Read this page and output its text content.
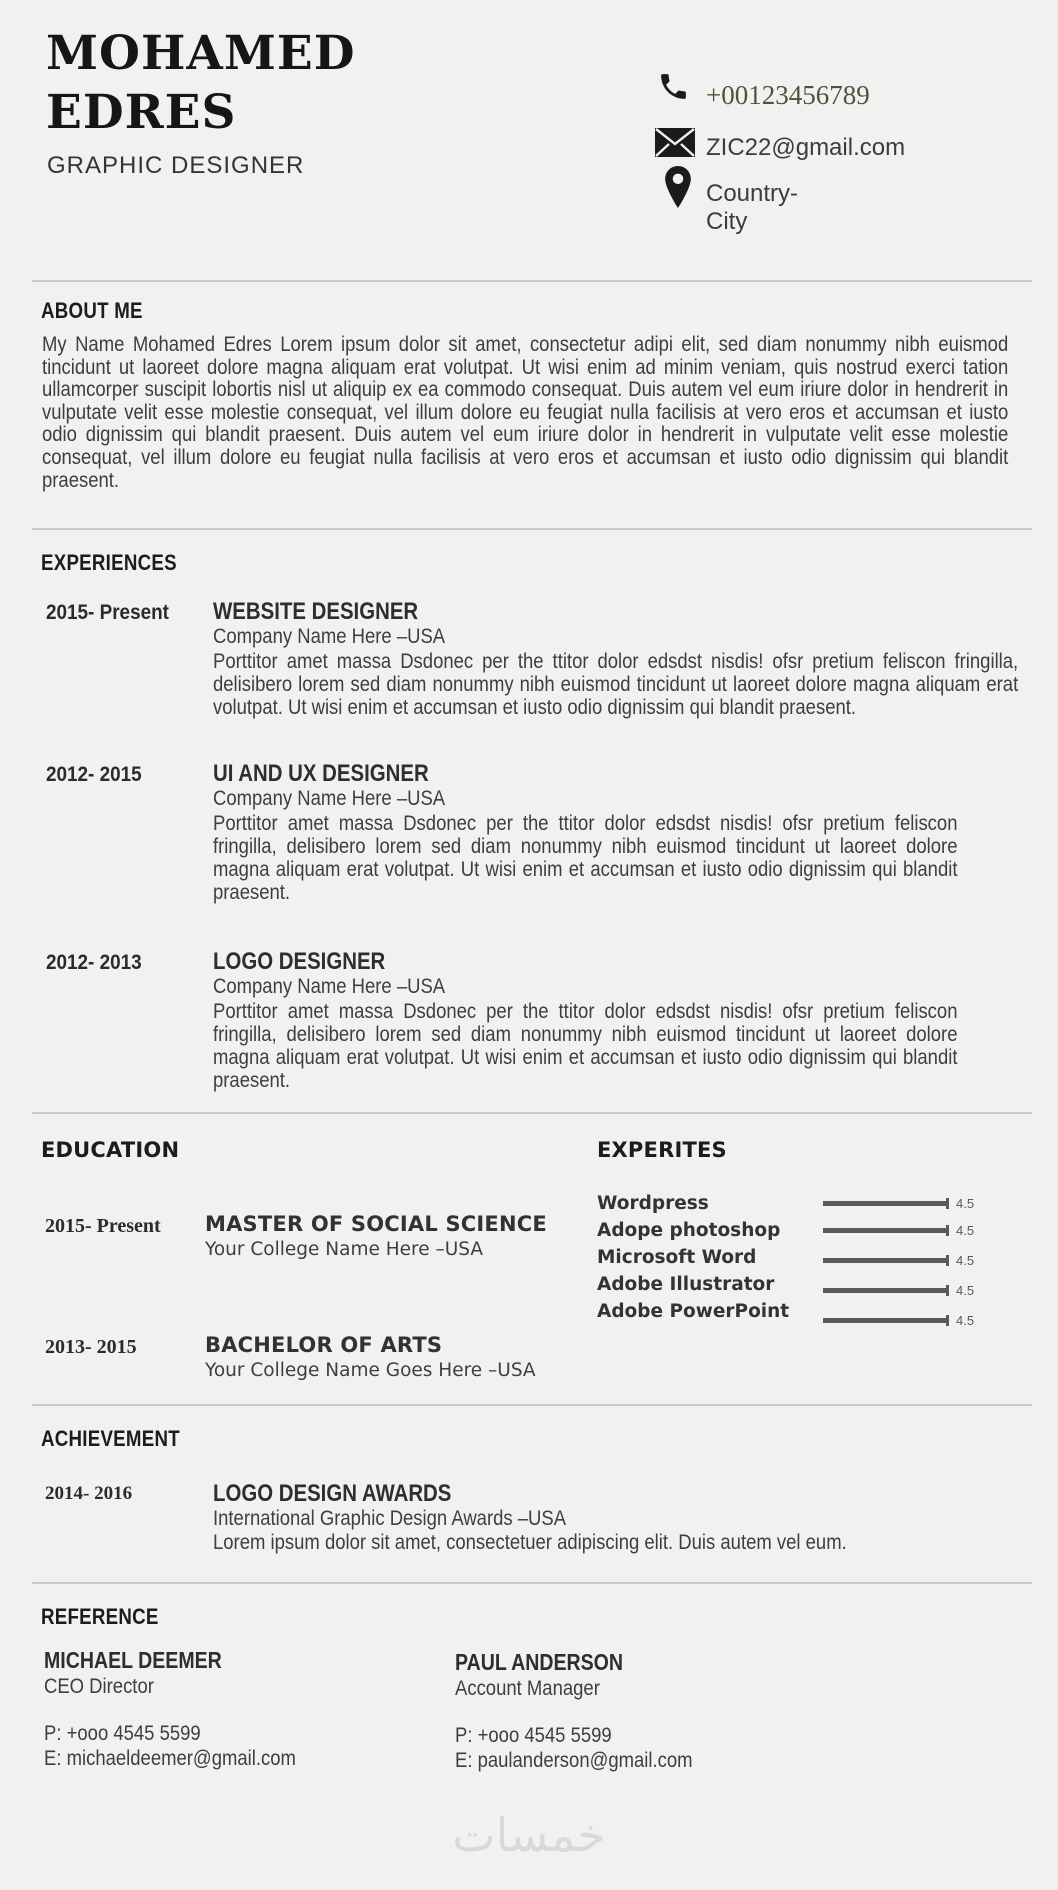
MOHAMED
EDRES
GRAPHIC DESIGNER
+00123456789
ZIC22@gmail.com
Country- City
ABOUT ME
My Name Mohamed Edres Lorem ipsum dolor sit amet, consectetur adipi elit, sed diam nonummy nibh euismod tincidunt ut laoreet dolore magna aliquam erat volutpat. Ut wisi enim ad minim veniam, quis nostrud exerci tation ullamcorper suscipit lobortis nisl ut aliquip ex ea commodo consequat. Duis autem vel eum iriure dolor in hendrerit in vulputate velit esse molestie consequat, vel illum dolore eu feugiat nulla facilisis at vero eros et accumsan et iusto odio dignissim qui blandit praesent. Duis autem vel eum iriure dolor in hendrerit in vulputate velit esse molestie consequat, vel illum dolore eu feugiat nulla facilisis at vero eros et accumsan et iusto odio dignissim qui blandit praesent.
EXPERIENCES
2015- Present	WEBSITE DESIGNER
Company Name Here –USA
Porttitor amet massa Dsdonec per the ttitor dolor edsdst nisdis! ofsr pretium feliscon fringilla, delisibero lorem sed diam nonummy nibh euismod tincidunt ut laoreet dolore magna aliquam erat volutpat. Ut wisi enim et accumsan et iusto odio dignissim qui blandit praesent.
2012- 2015	UI AND UX DESIGNER
Company Name Here –USA
Porttitor amet massa Dsdonec per the ttitor dolor edsdst nisdis! ofsr pretium feliscon fringilla, delisibero lorem sed diam nonummy nibh euismod tincidunt ut laoreet dolore magna aliquam erat volutpat. Ut wisi enim et accumsan et iusto odio dignissim qui blandit praesent.
2012- 2013	LOGO DESIGNER
Company Name Here –USA
Porttitor amet massa Dsdonec per the ttitor dolor edsdst nisdis! ofsr pretium feliscon fringilla, delisibero lorem sed diam nonummy nibh euismod tincidunt ut laoreet dolore magna aliquam erat volutpat. Ut wisi enim et accumsan et iusto odio dignissim qui blandit praesent.
EDUCATION
2015- Present MASTER OF SOCIAL SCIENCE
Your College Name Here –USA
2013- 2015	BACHELOR OF ARTS
Your College Name Goes Here –USA
EXPERITES
Wordpress	4.5
Adope photoshop	4.5
Microsoft Word	4.5
Adobe Illustrator	4.5
Adobe PowerPoint	4.5
ACHIEVEMENT
2014- 2016	LOGO DESIGN AWARDS
International Graphic Design Awards –USA
Lorem ipsum dolor sit amet, consectetuer adipiscing elit. Duis autem vel eum.
REFERENCE
MICHAEL DEEMER
CEO Director
P: +ooo 4545 5599
E: michaeldeemer@gmail.com
PAUL ANDERSON
Account Manager
P: +ooo 4545 5599
E: paulanderson@gmail.com
خمسات
